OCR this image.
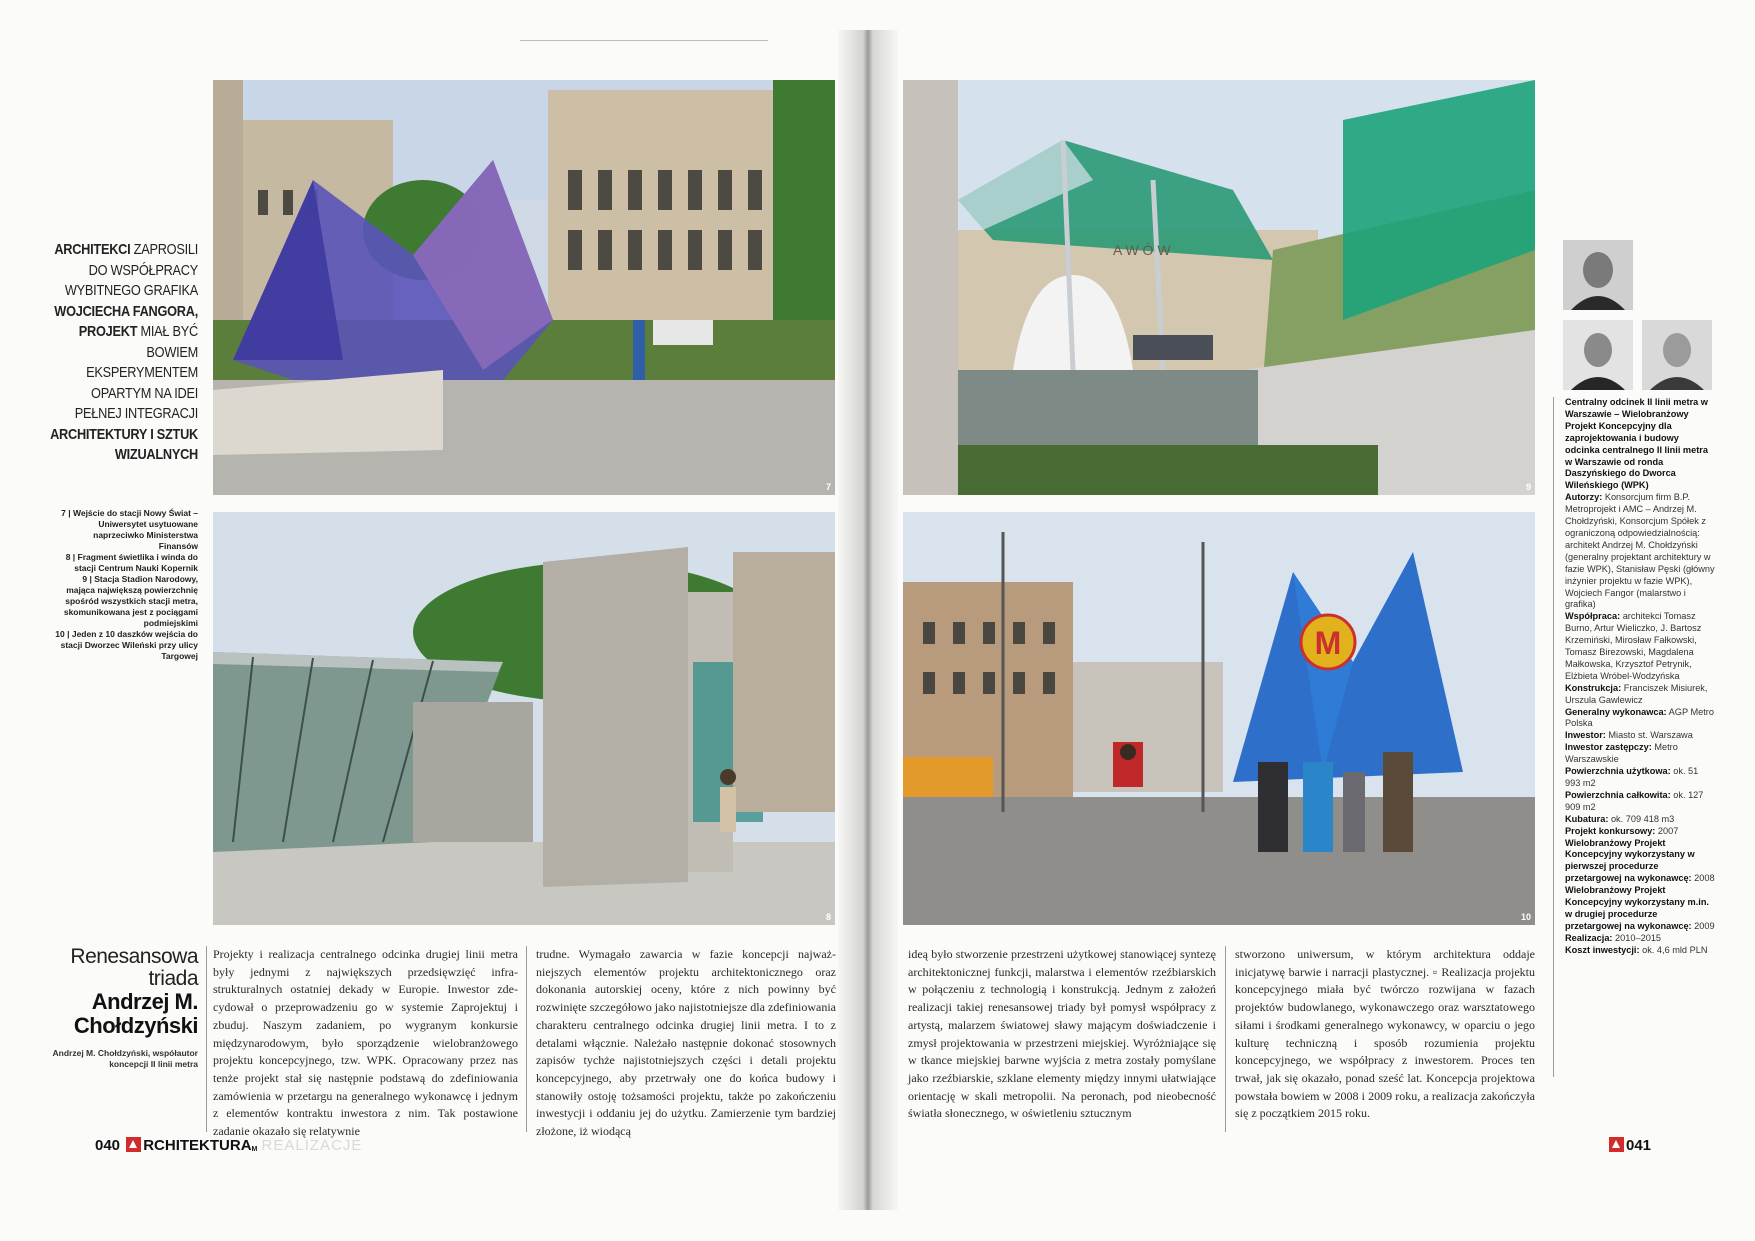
7
8
A W Ó W
9
M
10
ARCHITEKCI ZAPROSILI DO WSPÓŁPRACY WYBITNEGO GRAFIKA WOJCIECHA FANGORA, PROJEKT MIAŁ BYĆ BOWIEM EKSPERYMENTEM OPARTYM NA IDEI PEŁNEJ INTEGRACJI ARCHITEKTURY I SZTUK WIZUALNYCH
7 | Wejście do stacji Nowy Świat – Uniwersytet usytuowane naprzeciwko Ministerstwa Finansów
8 | Fragment świetlika i winda do stacji Centrum Nauki Kopernik
9 | Stacja Stadion Narodowy, mająca największą powierzchnię spośród wszystkich stacji metra, skomunikowana jest z pociągami podmiejskimi
10 | Jeden z 10 daszków wejścia do stacji Dworzec Wileński przy ulicy Targowej
Renesansowa
triada
Andrzej M.
Chołdzyński
Andrzej M. Chołdzyński, współautor koncepcji II linii metra

Projekty i realizacja centralnego odcinka drugiej linii metra były jednymi z największych przedsięwzięć infrastrukturalnych ostatniej dekady w Europie. Inwestor zdecydował o przeprowadzeniu go w systemie Zaprojektuj i zbuduj. Naszym zadaniem, po wygranym konkursie międzynarodowym, było sporządzenie wielobranżowego projektu koncepcyjnego, tzw. WPK. Opracowany przez nas tenże projekt stał się następnie podstawą do zdefiniowania zamówienia w przetargu na generalnego wykonawcę i jednym z elementów kontraktu inwestora z nim. Tak postawione zadanie okazało się relatywnie

trudne. Wymagało zawarcia w fazie koncepcji najważniejszych elementów projektu architektonicznego oraz dokonania autorskiej oceny, które z nich powinny być rozwinięte szczegółowo jako najistotniejsze dla zdefiniowania charakteru centralnego odcinka drugiej linii metra. I to z detalami włącznie. Należało następnie dokonać stosownych zapisów tychże najistotniejszych części i detali projektu koncepcyjnego, aby przetrwały one do końca budowy i stanowiły ostoję tożsamości projektu, także po zakończeniu inwestycji i oddaniu jej do użytku. Zamierzenie tym bardziej złożone, iż wiodącą

ideą było stworzenie przestrzeni użytkowej stanowiącej syntezę architektonicznej funkcji, malarstwa i elementów rzeźbiarskich w połączeniu z technologią i konstrukcją. Jednym z założeń realizacji takiej renesansowej triady był pomysł współpracy z artystą, malarzem światowej sławy mającym doświadczenie i zmysł projektowania w przestrzeni miejskiej. Wyróżniające się w tkance miejskiej barwne wyjścia z metra zostały pomyślane jako rzeźbiarskie, szklane elementy między innymi ułatwiające orientację w skali metropolii. Na peronach, pod nieobecność światła słonecznego, w oświetleniu sztucznym

stworzono uniwersum, w którym architektura oddaje inicjatywę barwie i narracji plastycznej. ▫ Realizacja projektu koncepcyjnego miała być twórczo rozwijana w fazach projektów budowlanego, wykonawczego oraz warsztatowego siłami i środkami generalnego wykonawcy, w oparciu o jego kulturę techniczną i sposób rozumienia projektu koncepcyjnego, we współpracy z inwestorem. Proces ten trwał, jak się okazało, ponad sześć lat. Koncepcja projektowa powstała bowiem w 2008 i 2009 roku, a realizacja zakończyła się z początkiem 2015 roku.

Centralny odcinek II linii metra w Warszawie – Wielobranżowy Projekt Koncepcyjny dla zaprojektowania i budowy odcinka centralnego II linii metra w Warszawie od ronda Daszyńskiego do Dworca Wileńskiego (WPK)
Autorzy: Konsorcjum firm B.P. Metroprojekt i AMC – Andrzej M. Chołdzyński, Konsorcjum Spółek z ograniczoną odpowiedzialnością: architekt Andrzej M. Chołdzyński (generalny projektant architektury w fazie WPK), Stanisław Pęski (główny inżynier projektu w fazie WPK), Wojciech Fangor (malarstwo i grafika)
Współpraca: architekci Tomasz Burno, Artur Wieliczko, J. Bartosz Krzemiński, Mirosław Fałkowski, Tomasz Birezowski, Magdalena Małkowska, Krzysztof Petrynik, Elżbieta Wróbel-Wodzyńska
Konstrukcja: Franciszek Misiurek, Urszula Gawlewicz
Generalny wykonawca: AGP Metro Polska
Inwestor: Miasto st. Warszawa
Inwestor zastępczy: Metro Warszawskie
Powierzchnia użytkowa: ok. 51 993 m2
Powierzchnia całkowita: ok. 127 909 m2
Kubatura: ok. 709 418 m3
Projekt konkursowy: 2007
Wielobranżowy Projekt Koncepcyjny wykorzystany w pierwszej procedurze przetargowej na wykonawcę: 2008
Wielobranżowy Projekt Koncepcyjny wykorzystany m.in. w drugiej procedurze przetargowej na wykonawcę: 2009
Realizacja: 2010–2015
Koszt inwestycji: ok. 4,6 mld PLN
040 RCHITEKTURAM REALIZACJE	041
